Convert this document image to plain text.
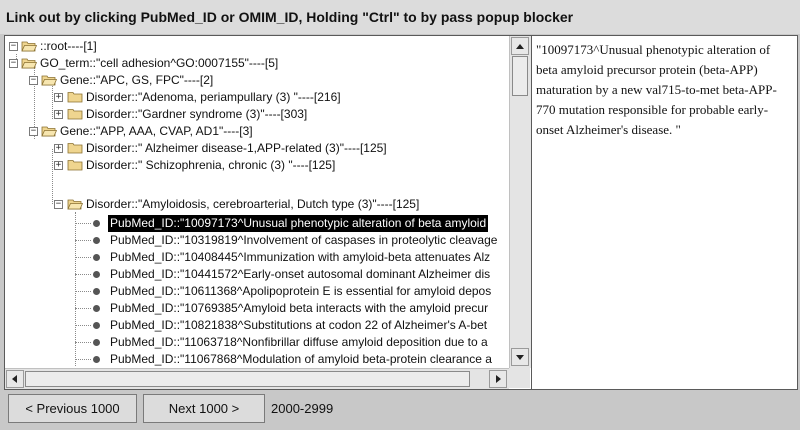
Link out by clicking PubMed_ID or OMIM_ID, Holding "Ctrl" to by pass popup blocker
− ::root----[1]
− GO_term::"cell adhesion^GO:0007155"----[5]
− Gene::"APC, GS, FPC"----[2]
+ Disorder::"Adenoma, periampullary (3) "----[216]
+ Disorder::"Gardner syndrome (3)"----[303]
− Gene::"APP, AAA, CVAP, AD1"----[3]
+ Disorder::" Alzheimer disease-1,APP-related (3)"----[125]
+ Disorder::" Schizophrenia, chronic (3) "----[125]
− Disorder::"Amyloidosis, cerebroarterial, Dutch type (3)"----[125]
PubMed_ID::"10097173^Unusual phenotypic alteration of beta amyloid
PubMed_ID::"10319819^Involvement of caspases in proteolytic cleavage
PubMed_ID::"10408445^Immunization with amyloid-beta attenuates Alz
PubMed_ID::"10441572^Early-onset autosomal dominant Alzheimer dis
PubMed_ID::"10611368^Apolipoprotein E is essential for amyloid depos
PubMed_ID::"10769385^Amyloid beta interacts with the amyloid precur
PubMed_ID::"10821838^Substitutions at codon 22 of Alzheimer's A-bet
PubMed_ID::"11063718^Nonfibrillar diffuse amyloid deposition due to a
PubMed_ID::"11067868^Modulation of amyloid beta-protein clearance a
"10097173^Unusual phenotypic alteration of beta amyloid precursor protein (beta-APP) maturation by a new val715-to-met beta-APP-770 mutation responsible for probable early-onset Alzheimer's disease. "
< Previous 1000	Next 1000 >	2000-2999
